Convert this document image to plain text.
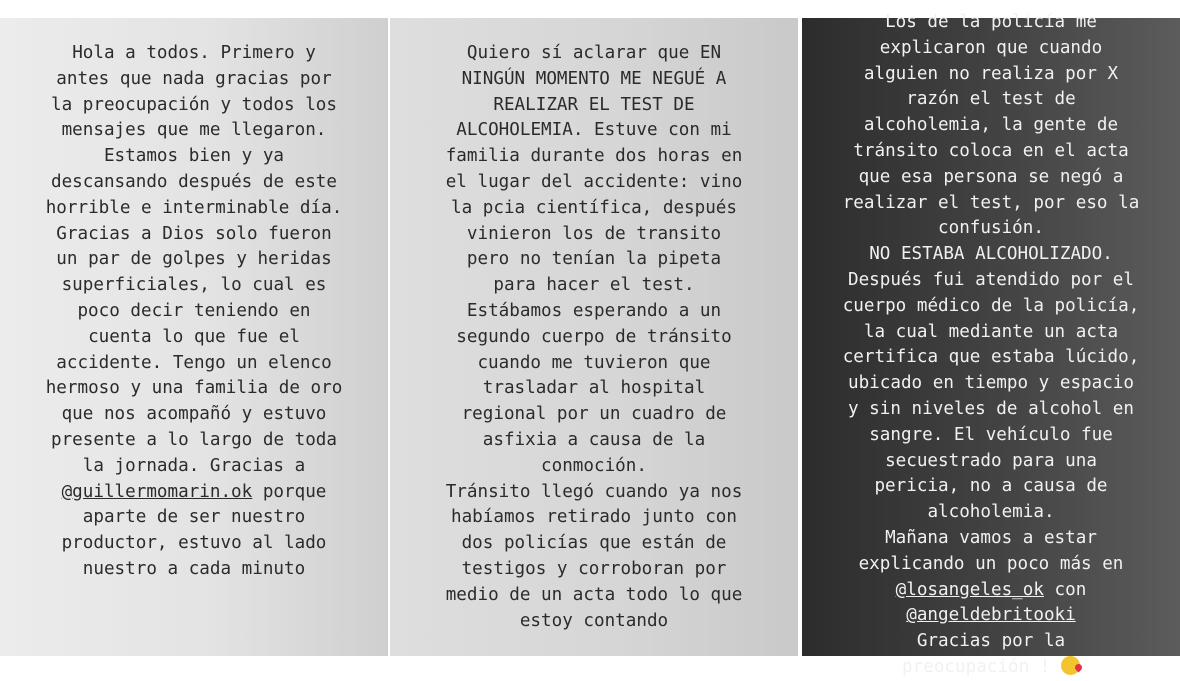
Hola a todos. Primero y
antes que nada gracias por
la preocupación y todos los
mensajes que me llegaron.
Estamos bien y ya
descansando después de este
horrible e interminable día.
Gracias a Dios solo fueron
un par de golpes y heridas
superficiales, lo cual es
poco decir teniendo en
cuenta lo que fue el
accidente. Tengo un elenco
hermoso y una familia de oro
que nos acompañó y estuvo
presente a lo largo de toda
la jornada. Gracias a
@guillermomarin.ok porque
aparte de ser nuestro
productor, estuvo al lado
nuestro a cada minuto
Quiero sí aclarar que EN
NINGÚN MOMENTO ME NEGUÉ A
REALIZAR EL TEST DE
ALCOHOLEMIA. Estuve con mi
familia durante dos horas en
el lugar del accidente: vino
la pcia científica, después
vinieron los de transito
pero no tenían la pipeta
para hacer el test.
Estábamos esperando a un
segundo cuerpo de tránsito
cuando me tuvieron que
trasladar al hospital
regional por un cuadro de
asfixia a causa de la
conmoción.
Tránsito llegó cuando ya nos
habíamos retirado junto con
dos policías que están de
testigos y corroboran por
medio de un acta todo lo que
estoy contando
Los de la policía me
explicaron que cuando
alguien no realiza por X
razón el test de
alcoholemia, la gente de
tránsito coloca en el acta
que esa persona se negó a
realizar el test, por eso la
confusión.
NO ESTABA ALCOHOLIZADO.
Después fui atendido por el
cuerpo médico de la policía,
la cual mediante un acta
certifica que estaba lúcido,
ubicado en tiempo y espacio
y sin niveles de alcohol en
sangre. El vehículo fue
secuestrado para una
pericia, no a causa de
alcoholemia.
Mañana vamos a estar
explicando un poco más en
@losangeles_ok con
@angeldebritooki
Gracias por la
preocupación !
